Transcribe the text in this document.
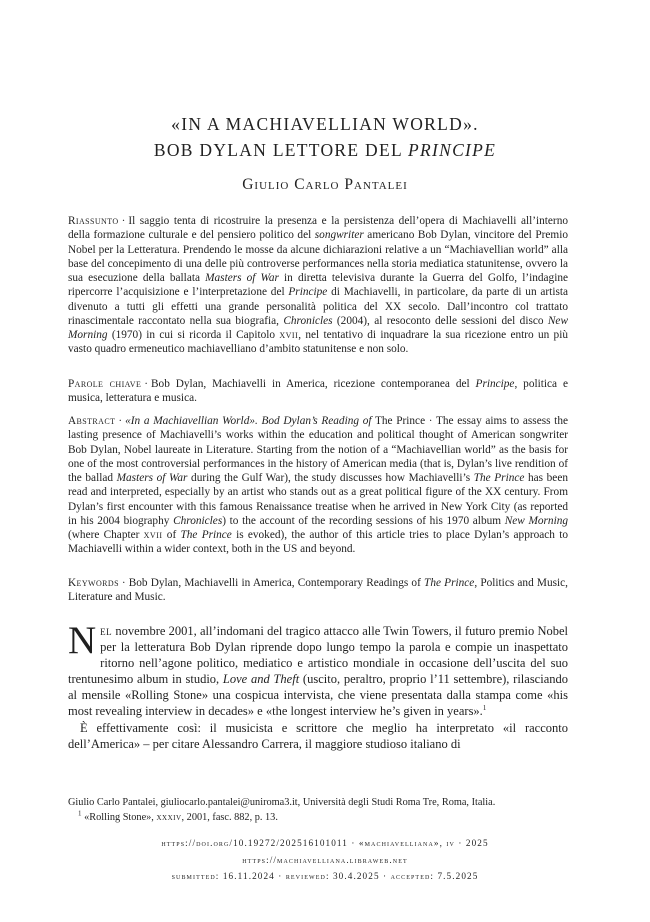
«IN A MACHIAVELLIAN WORLD».
BOB DYLAN LETTORE DEL PRINCIPE
Giulio Carlo Pantalei
Riassunto · Il saggio tenta di ricostruire la presenza e la persistenza dell’opera di Machiavelli all’interno della formazione culturale e del pensiero politico del songwriter americano Bob Dylan, vincitore del Premio Nobel per la Letteratura. Prendendo le mosse da alcune dichiarazioni relative a un “Machiavellian world” alla base del concepimento di una delle più controverse performances nella storia mediatica statunitense, ovvero la sua esecuzione della ballata Masters of War in diretta televisiva durante la Guerra del Golfo, l’indagine ripercorre l’acquisizione e l’interpretazione del Principe di Machiavelli, in particolare, da parte di un artista divenuto a tutti gli effetti una grande personalità politica del XX secolo. Dall’incontro col trattato rinascimentale raccontato nella sua biografia, Chronicles (2004), al resoconto delle sessioni del disco New Morning (1970) in cui si ricorda il Capitolo xvii, nel tentativo di inquadrare la sua ricezione entro un più vasto quadro ermeneutico machiavelliano d’ambito statunitense e non solo.
Parole chiave · Bob Dylan, Machiavelli in America, ricezione contemporanea del Principe, politica e musica, letteratura e musica.
Abstract · «In a Machiavellian World». Bod Dylan’s Reading of The Prince · The essay aims to assess the lasting presence of Machiavelli’s works within the education and political thought of American songwriter Bob Dylan, Nobel laureate in Literature. Starting from the notion of a “Machiavellian world” as the basis for one of the most controversial performances in the history of American media (that is, Dylan’s live rendition of the ballad Masters of War during the Gulf War), the study discusses how Machiavelli’s The Prince has been read and interpreted, especially by an artist who stands out as a great political figure of the XX century. From Dylan’s first encounter with this famous Renaissance treatise when he arrived in New York City (as reported in his 2004 biography Chronicles) to the account of the recording sessions of his 1970 album New Morning (where Chapter xvii of The Prince is evoked), the author of this article tries to place Dylan’s approach to Machiavelli within a wider context, both in the US and beyond.
Keywords · Bob Dylan, Machiavelli in America, Contemporary Readings of The Prince, Politics and Music, Literature and Music.

Nel novembre 2001, all’indomani del tragico attacco alle Twin Towers, il futuro premio Nobel per la letteratura Bob Dylan riprende dopo lungo tempo la parola e compie un inaspettato ritorno nell’agone politico, mediatico e artistico mondiale in occasione dell’uscita del suo trentunesimo album in studio, Love and Theft (uscito, peraltro, proprio l’11 settembre), rilasciando al mensile «Rolling Stone» una cospicua intervista, che viene presentata dalla stampa come «his most revealing interview in decades» e «the longest interview he’s given in years».$^1$

È effettivamente così: il musicista e scrittore che meglio ha interpretato «il racconto dell’America» – per citare Alessandro Carrera, il maggiore studioso italiano di

Giulio Carlo Pantalei, giuliocarlo.pantalei@uniroma3.it, Università degli Studi Roma Tre, Roma, Italia.
$^1$ «Rolling Stone», xxxiv, 2001, fasc. 882, p. 13.
https://doi.org/10.19272/202516101011 · «machiavelliana», iv · 2025
https://machiavelliana.libraweb.net
submitted: 16.11.2024 · reviewed: 30.4.2025 · accepted: 7.5.2025
